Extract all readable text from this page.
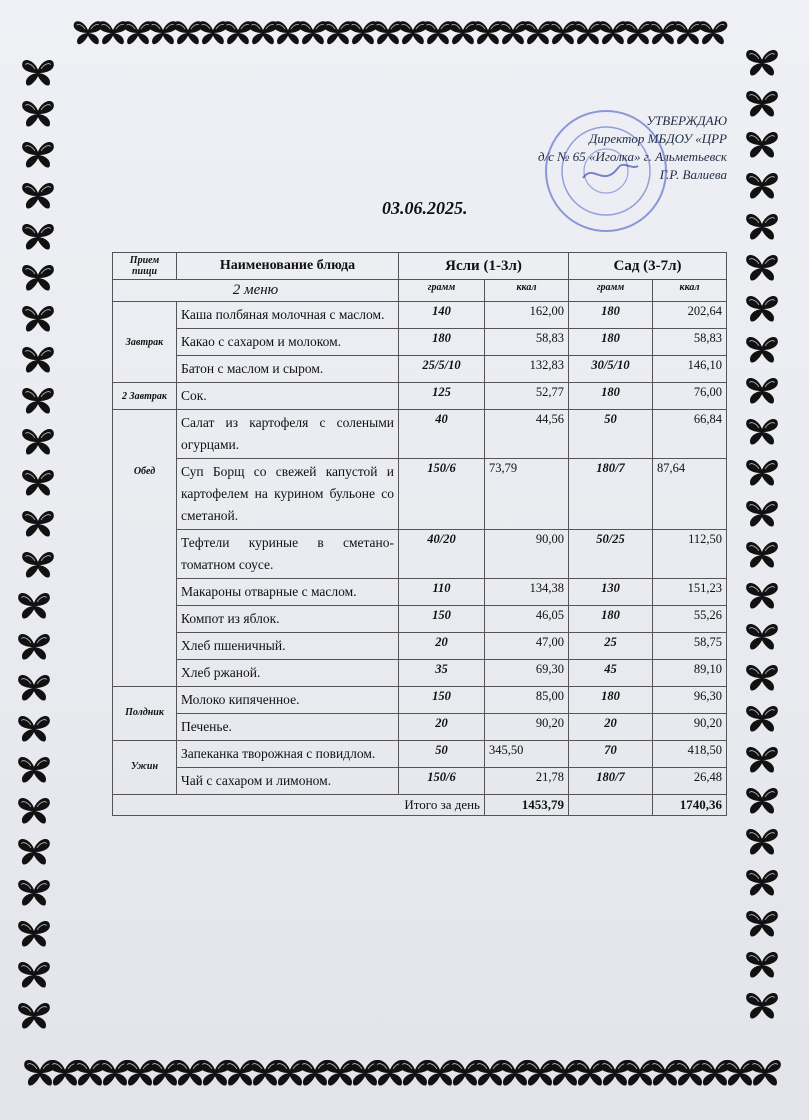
УТВЕРЖДАЮ
Директор МБДОУ «ЦРР
д/с № 65 «Иголка» г. Альметьевск
Г.Р. Валиева
03.06.2025.
Прием пищи	Наименование блюда	Ясли (1-3л)		Сад (3-7л)	
2 меню		грамм	ккал	грамм	ккал
Завтрак	Каша полбяная молочная с маслом.	140	162,00	180	202,64
	Какао с сахаром и молоком.	180	58,83	180	58,83
	Батон с маслом и сыром.	25/5/10	132,83	30/5/10	146,10
2 Завтрак	Сок.	125	52,77	180	76,00
Обед	Салат из картофеля с солеными огурцами.	40	44,56	50	66,84
	Суп Борщ со свежей капустой и картофелем на курином бульоне со сметаной.	150/6	73,79	180/7	87,64
	Тефтели куриные в сметано-томатном соусе.	40/20	90,00	50/25	112,50
	Макароны отварные с маслом.	110	134,38	130	151,23
	Компот из яблок.	150	46,05	180	55,26
	Хлеб пшеничный.	20	47,00	25	58,75
	Хлеб ржаной.	35	69,30	45	89,10
Полдник	Молоко кипяченное.	150	85,00	180	96,30
	Печенье.	20	90,20	20	90,20
Ужин	Запеканка творожная с повидлом.	50	345,50	70	418,50
	Чай с сахаром и лимоном.	150/6	21,78	180/7	26,48
Итого за день			1453,79		1740,36
